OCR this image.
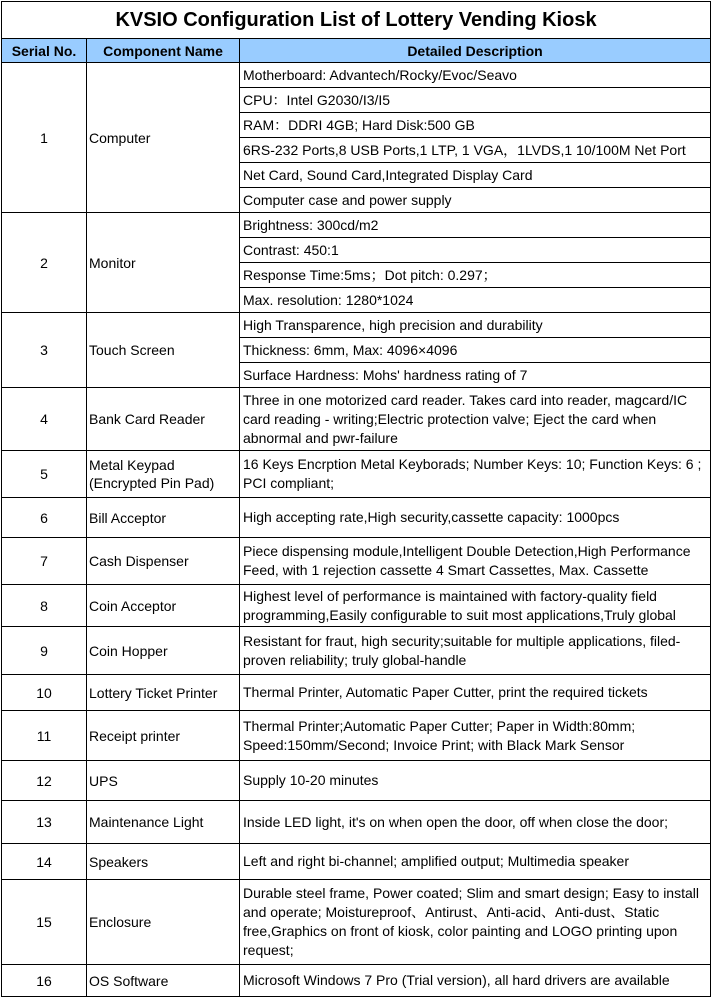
KVSIO Configuration List of Lottery Vending Kiosk		
Serial No.	Component Name	Detailed Description
1	Computer	Motherboard: Advantech/Rocky/Evoc/Seavo

		CPU：Intel G2030/I3/I5

		RAM：DDRI 4GB; Hard Disk:500 GB

		6RS-232 Ports,8 USB Ports,1 LTP, 1 VGA，1LVDS,1 10/100M Net Port

		Net Card, Sound Card,Integrated Display Card

		Computer case and power supply

2	Monitor	Brightness: 300cd/m2

		Contrast: 450:1

		Response Time:5ms；Dot pitch: 0.297；

		Max. resolution: 1280*1024

3	Touch Screen	High Transparence, high precision and durability

		Thickness: 6mm, Max: 4096×4096

		Surface Hardness: Mohs' hardness rating of 7

4	Bank Card Reader	Three in one motorized card reader. Takes card into reader, magcard/IC card reading - writing;Electric protection valve; Eject the card when abnormal and pwr-failure

5	Metal Keypad (Encrypted Pin Pad)	16 Keys Encrption Metal Keyborads; Number Keys: 10; Function Keys: 6 ; PCI compliant;

6	Bill Acceptor	High accepting rate,High security,cassette capacity: 1000pcs

7	Cash Dispenser	Piece dispensing module,Intelligent Double Detection,High Performance Feed, with 1 rejection cassette 4 Smart Cassettes, Max. Cassette

8	Coin Acceptor	Highest level of performance is maintained with factory-quality field programming,Easily configurable to suit most applications,Truly global

9	Coin Hopper	Resistant for fraut, high security;suitable for multiple applications, filed-proven reliability; truly global-handle

10	Lottery Ticket Printer	Thermal Printer, Automatic Paper Cutter, print the required tickets

11	Receipt printer	Thermal Printer;Automatic Paper Cutter; Paper in Width:80mm; Speed:150mm/Second; Invoice Print; with Black Mark Sensor

12	UPS	Supply 10-20 minutes

13	Maintenance Light	Inside LED light, it's on when open the door, off when close the door;

14	Speakers	Left and right bi-channel; amplified output; Multimedia speaker

15	Enclosure	Durable steel frame, Power coated; Slim and smart design; Easy to install and operate; Moistureproof、Antirust、Anti-acid、Anti-dust、Static free,Graphics on front of kiosk, color painting and LOGO printing upon request;

16	OS Software	Microsoft Windows 7 Pro (Trial version), all hard drivers are available
